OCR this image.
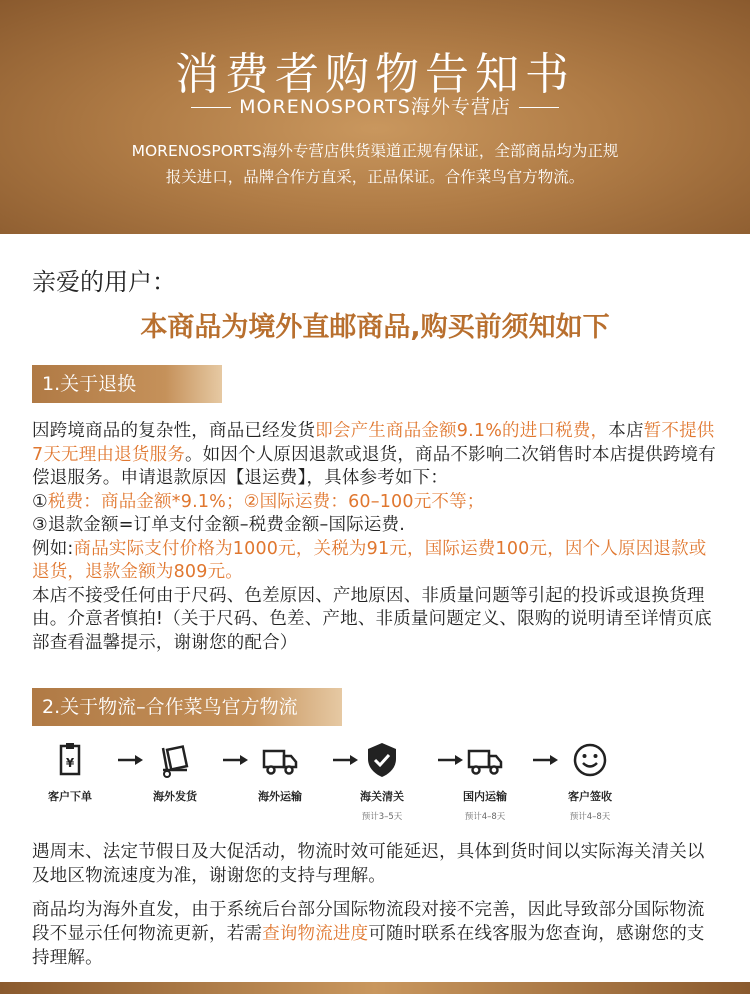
消费者购物告知书
MORENOSPORTS海外专营店
MORENOSPORTS海外专营店供货渠道正规有保证，全部商品均为正规
报关进口，品牌合作方直采，正品保证。合作菜鸟官方物流。
亲爱的用户：
本商品为境外直邮商品,购买前须知如下
1.关于退换
因跨境商品的复杂性，商品已经发货即会产生商品金额9.1%的进口税费，本店暂不提供7天无理由退货服务。如因个人原因退款或退货，商品不影响二次销售时本店提供跨境有偿退服务。申请退款原因【退运费】，具体参考如下：
①税费：商品金额*9.1%；②国际运费：60–100元不等；
③退款金额=订单支付金额–税费金额–国际运费.
例如:商品实际支付价格为1000元，关税为91元，国际运费100元，因个人原因退款或退货，退款金额为809元。
本店不接受任何由于尺码、色差原因、产地原因、非质量问题等引起的投诉或退换货理由。介意者慎拍!（关于尺码、色差、产地、非质量问题定义、限购的说明请至详情页底部查看温馨提示，谢谢您的配合）
2.关于物流–合作菜鸟官方物流
¥
客户下单	海外发货	海外运输	海关清关
预计3–5天
国内运输
预计4–8天
客户签收
预计4–8天
遇周末、法定节假日及大促活动，物流时效可能延迟，具体到货时间以实际海关清关以及地区物流速度为准，谢谢您的支持与理解。
商品均为海外直发，由于系统后台部分国际物流段对接不完善，因此导致部分国际物流段不显示任何物流更新，若需查询物流进度可随时联系在线客服为您查询，感谢您的支持理解。
